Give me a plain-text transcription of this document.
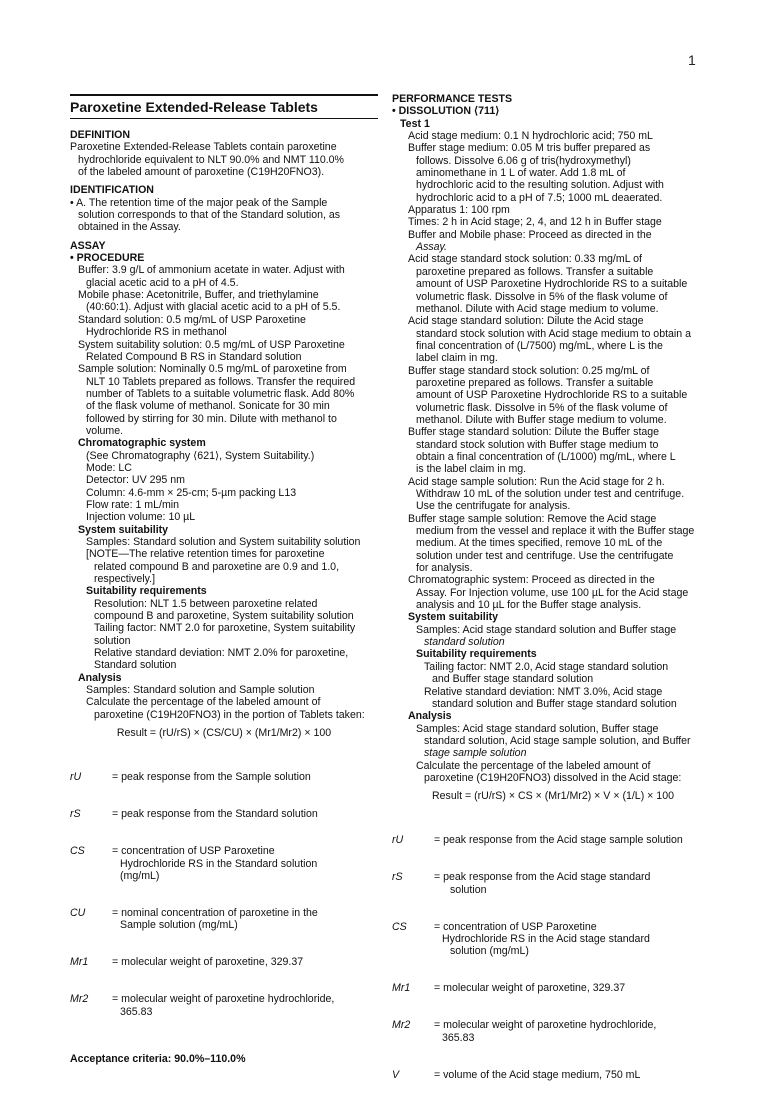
1
Paroxetine Extended-Release Tablets
DEFINITION
Paroxetine Extended-Release Tablets contain paroxetine
hydrochloride equivalent to NLT 90.0% and NMT 110.0%
of the labeled amount of paroxetine (C19H20FNO3).
IDENTIFICATION
• A. The retention time of the major peak of the Sample
solution corresponds to that of the Standard solution, as
obtained in the Assay.
ASSAY
• PROCEDURE
Buffer: 3.9 g/L of ammonium acetate in water. Adjust with
glacial acetic acid to a pH of 4.5.
Mobile phase: Acetonitrile, Buffer, and triethylamine
(40:60:1). Adjust with glacial acetic acid to a pH of 5.5.
Standard solution: 0.5 mg/mL of USP Paroxetine
Hydrochloride RS in methanol
System suitability solution: 0.5 mg/mL of USP Paroxetine
Related Compound B RS in Standard solution
Sample solution: Nominally 0.5 mg/mL of paroxetine from
NLT 10 Tablets prepared as follows. Transfer the required
number of Tablets to a suitable volumetric flask. Add 80%
of the flask volume of methanol. Sonicate for 30 min
followed by stirring for 30 min. Dilute with methanol to
volume.
Chromatographic system
(See Chromatography ⟨621⟩, System Suitability.)
Mode: LC
Detector: UV 295 nm
Column: 4.6-mm × 25-cm; 5-µm packing L13
Flow rate: 1 mL/min
Injection volume: 10 µL
System suitability
Samples: Standard solution and System suitability solution
[NOTE—The relative retention times for paroxetine
related compound B and paroxetine are 0.9 and 1.0,
respectively.]
Suitability requirements
Resolution: NLT 1.5 between paroxetine related
compound B and paroxetine, System suitability solution
Tailing factor: NMT 2.0 for paroxetine, System suitability
solution
Relative standard deviation: NMT 2.0% for paroxetine,
Standard solution
Analysis
Samples: Standard solution and Sample solution
Calculate the percentage of the labeled amount of
paroxetine (C19H20FNO3) in the portion of Tablets taken:
Result = (rU/rS) × (CS/CU) × (Mr1/Mr2) × 100

rU	= peak response from the Sample solution

rS	= peak response from the Standard solution

CS	= concentration of USP Paroxetine
Hydrochloride RS in the Standard solution
(mg/mL)

CU	= nominal concentration of paroxetine in the
Sample solution (mg/mL)

Mr1	= molecular weight of paroxetine, 329.37

Mr2	= molecular weight of paroxetine hydrochloride,
365.83

Acceptance criteria: 90.0%–110.0%
PERFORMANCE TESTS
• DISSOLUTION ⟨711⟩
Test 1
Acid stage medium: 0.1 N hydrochloric acid; 750 mL
Buffer stage medium: 0.05 M tris buffer prepared as
follows. Dissolve 6.06 g of tris(hydroxymethyl)
aminomethane in 1 L of water. Add 1.8 mL of
hydrochloric acid to the resulting solution. Adjust with
hydrochloric acid to a pH of 7.5; 1000 mL deaerated.
Apparatus 1: 100 rpm
Times: 2 h in Acid stage; 2, 4, and 12 h in Buffer stage
Buffer and Mobile phase: Proceed as directed in the
Assay.
Acid stage standard stock solution: 0.33 mg/mL of
paroxetine prepared as follows. Transfer a suitable
amount of USP Paroxetine Hydrochloride RS to a suitable
volumetric flask. Dissolve in 5% of the flask volume of
methanol. Dilute with Acid stage medium to volume.
Acid stage standard solution: Dilute the Acid stage
standard stock solution with Acid stage medium to obtain a
final concentration of (L/7500) mg/mL, where L is the
label claim in mg.
Buffer stage standard stock solution: 0.25 mg/mL of
paroxetine prepared as follows. Transfer a suitable
amount of USP Paroxetine Hydrochloride RS to a suitable
volumetric flask. Dissolve in 5% of the flask volume of
methanol. Dilute with Buffer stage medium to volume.
Buffer stage standard solution: Dilute the Buffer stage
standard stock solution with Buffer stage medium to
obtain a final concentration of (L/1000) mg/mL, where L
is the label claim in mg.
Acid stage sample solution: Run the Acid stage for 2 h.
Withdraw 10 mL of the solution under test and centrifuge.
Use the centrifugate for analysis.
Buffer stage sample solution: Remove the Acid stage
medium from the vessel and replace it with the Buffer stage
medium. At the times specified, remove 10 mL of the
solution under test and centrifuge. Use the centrifugate
for analysis.
Chromatographic system: Proceed as directed in the
Assay. For Injection volume, use 100 µL for the Acid stage
analysis and 10 µL for the Buffer stage analysis.
System suitability
Samples: Acid stage standard solution and Buffer stage
standard solution
Suitability requirements
Tailing factor: NMT 2.0, Acid stage standard solution
and Buffer stage standard solution
Relative standard deviation: NMT 3.0%, Acid stage
standard solution and Buffer stage standard solution
Analysis
Samples: Acid stage standard solution, Buffer stage
standard solution, Acid stage sample solution, and Buffer
stage sample solution
Calculate the percentage of the labeled amount of
paroxetine (C19H20FNO3) dissolved in the Acid stage:
Result = (rU/rS) × CS × (Mr1/Mr2) × V × (1/L) × 100

rU	= peak response from the Acid stage sample solution

rS	= peak response from the Acid stage standard
solution

CS	= concentration of USP Paroxetine
Hydrochloride RS in the Acid stage standard
solution (mg/mL)

Mr1	= molecular weight of paroxetine, 329.37

Mr2	= molecular weight of paroxetine hydrochloride,
365.83

V	= volume of the Acid stage medium, 750 mL
